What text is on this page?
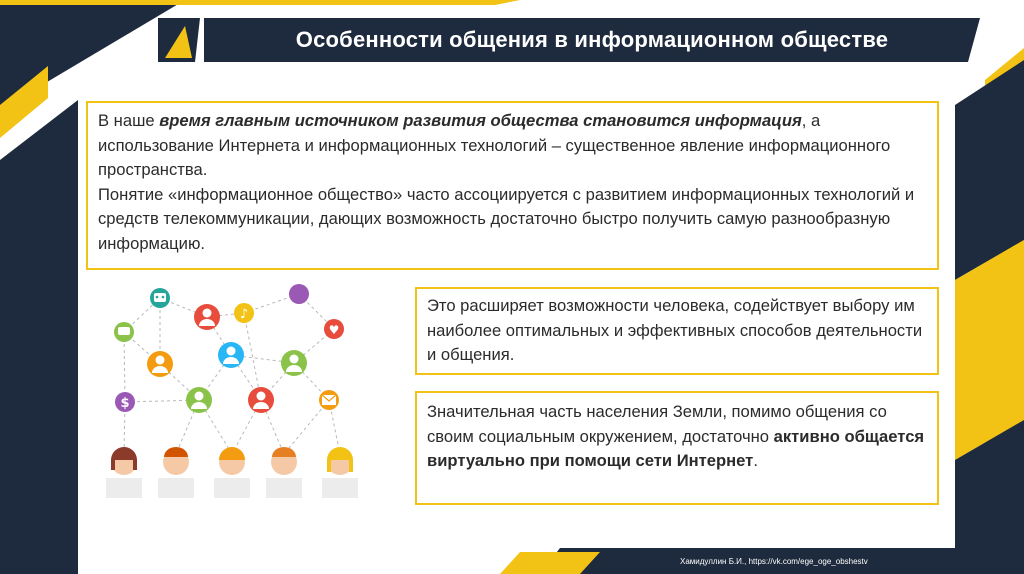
Особенности общения в информационном обществе

В наше время главным источником развития общества становится информация, а использование Интернета и информационных технологий – существенное явление информационного пространства.

Понятие «информационное общество» часто ассоциируется с развитием информационных технологий и средств телекоммуникации, дающих возможность достаточно быстро получить самую разнообразную информацию.

♪
♥
$

Это расширяет возможности человека, содействует выбору им наиболее оптимальных и эффективных способов деятельности и общения.

Значительная часть населения Земли, помимо общения со своим социальным окружением, достаточно активно общается виртуально при помощи сети Интернет.

Хамидуллин Б.И., https://vk.com/ege_oge_obshestv
